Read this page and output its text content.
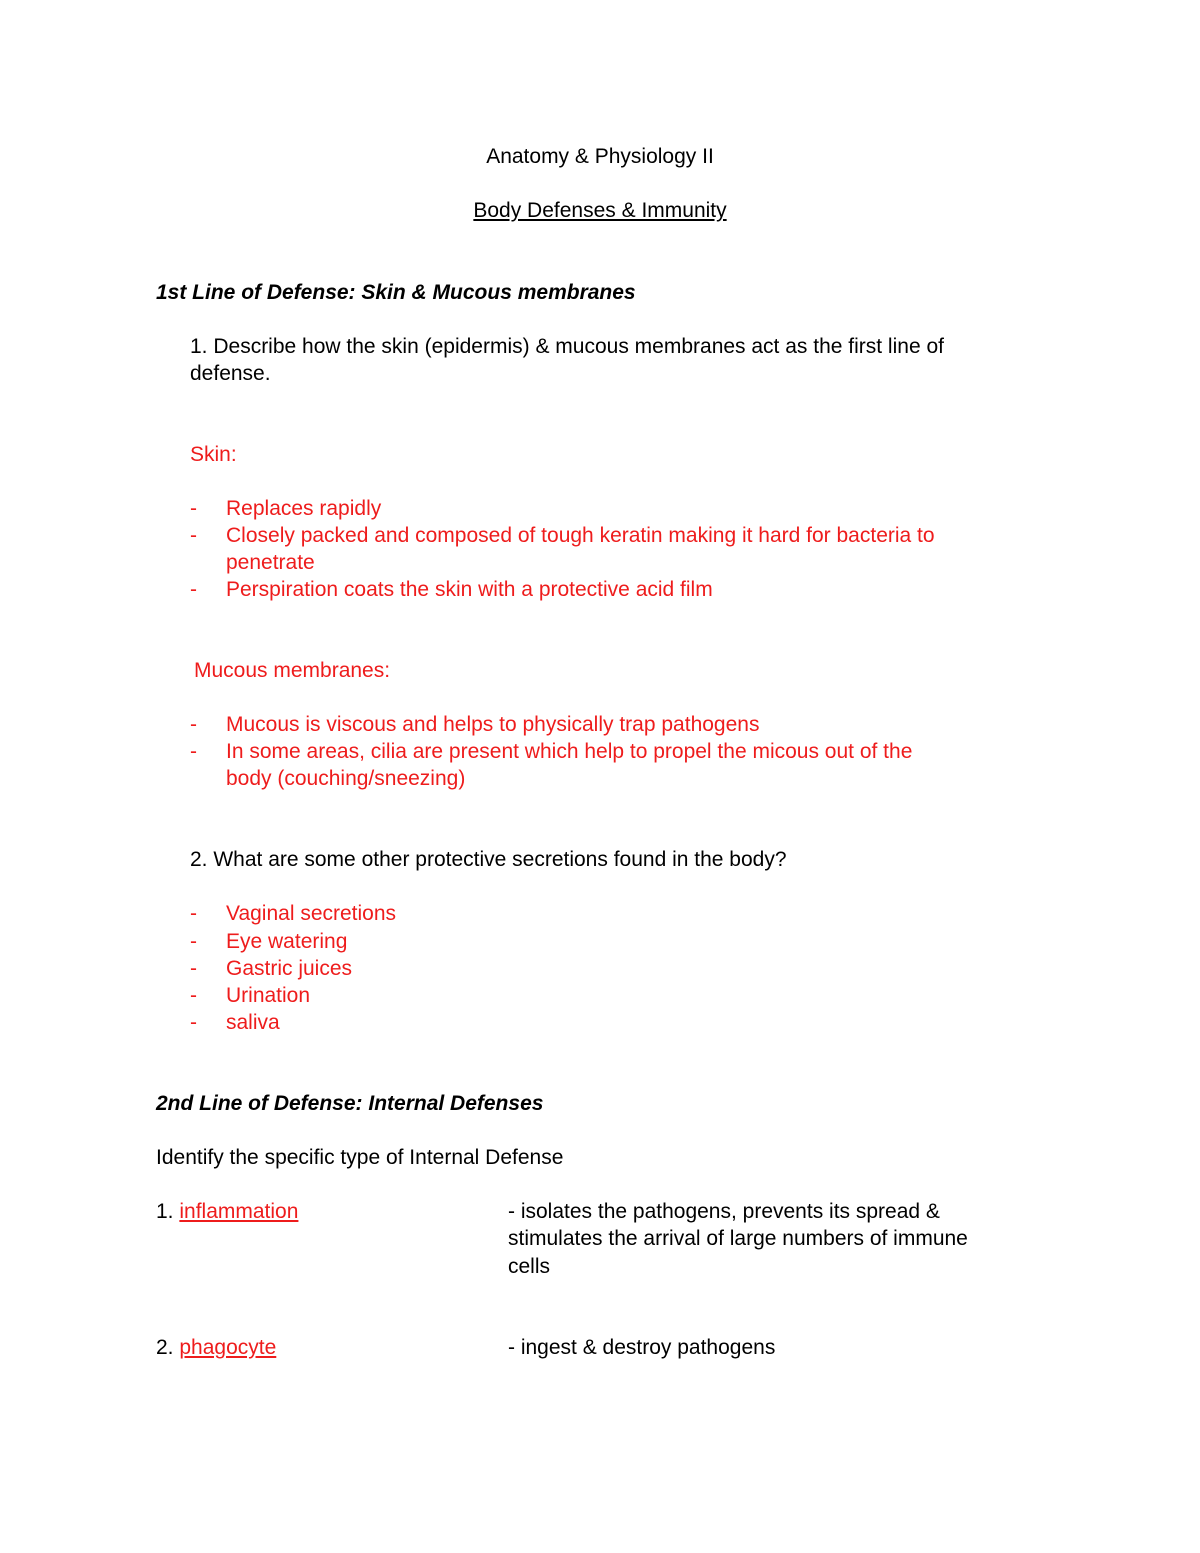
Anatomy & Physiology II
Body Defenses & Immunity
1st Line of Defense: Skin & Mucous membranes
1. Describe how the skin (epidermis) & mucous membranes act as the first line of
defense.
Skin:
- Replaces rapidly
- Closely packed and composed of tough keratin making it hard for bacteria to
penetrate
- Perspiration coats the skin with a protective acid film
Mucous membranes:
- Mucous is viscous and helps to physically trap pathogens
- In some areas, cilia are present which help to propel the micous out of the
body (couching/sneezing)
2. What are some other protective secretions found in the body?
- Vaginal secretions
- Eye watering
- Gastric juices
- Urination
- saliva
2nd Line of Defense: Internal Defenses
Identify the specific type of Internal Defense
1. inflammation	- isolates the pathogens, prevents its spread &
stimulates the arrival of large numbers of immune
cells
2. phagocyte	- ingest & destroy pathogens
